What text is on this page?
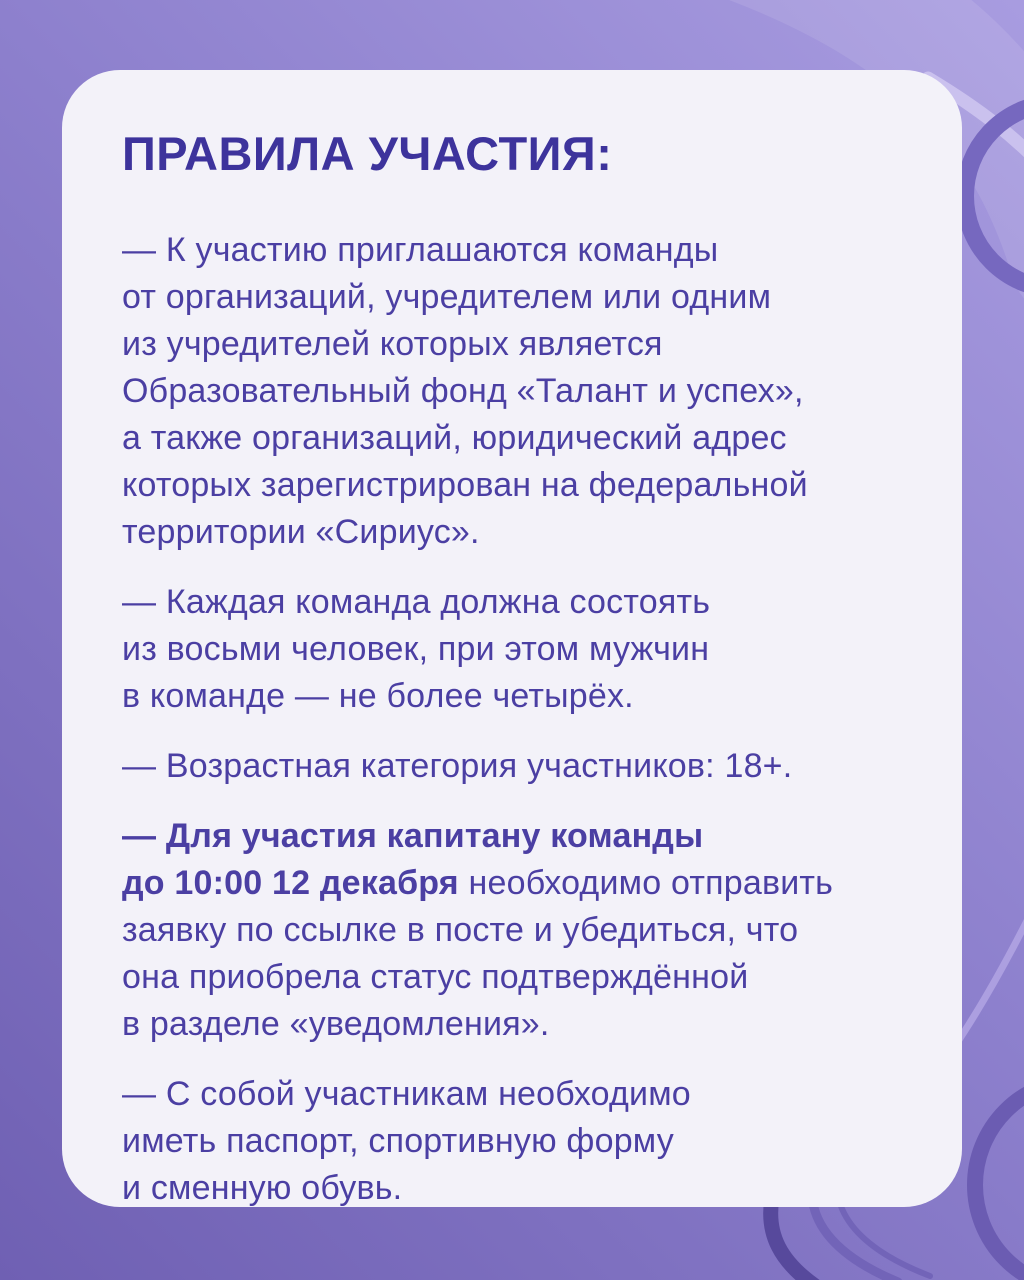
ПРАВИЛА УЧАСТИЯ:

— К участию приглашаются команды
от организаций, учредителем или одним
из учредителей которых является
Образовательный фонд «Талант и успех»,
а также организаций, юридический адрес
которых зарегистрирован на федеральной
территории «Сириус».

— Каждая команда должна состоять
из восьми человек, при этом мужчин
в команде — не более четырёх.

— Возрастная категория участников: 18+.

— Для участия капитану команды
до 10:00 12 декабря необходимо отправить
заявку по ссылке в посте и убедиться, что
она приобрела статус подтверждённой
в разделе «уведомления».

— С собой участникам необходимо
иметь паспорт, спортивную форму
и сменную обувь.
